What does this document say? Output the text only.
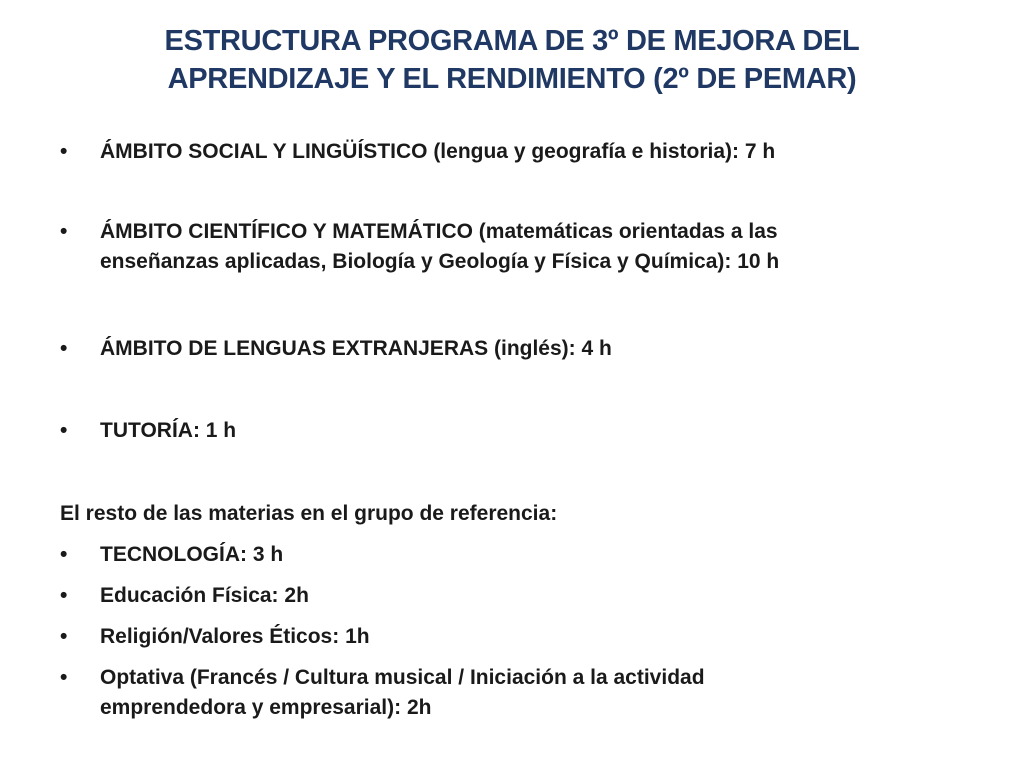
ESTRUCTURA PROGRAMA DE 3º DE MEJORA DEL
APRENDIZAJE Y EL RENDIMIENTO (2º DE PEMAR)
•	ÁMBITO SOCIAL Y LINGÜÍSTICO (lengua y geografía e historia): 7 h
•	ÁMBITO CIENTÍFICO Y MATEMÁTICO (matemáticas orientadas a las
enseñanzas aplicadas, Biología y Geología y Física y Química): 10 h
•	ÁMBITO DE LENGUAS EXTRANJERAS (inglés): 4 h
•	TUTORÍA: 1 h
El resto de las materias en el grupo de referencia:
•	TECNOLOGÍA: 3 h
•	Educación Física: 2h
•	Religión/Valores Éticos: 1h
•	Optativa (Francés / Cultura musical / Iniciación a la actividad
emprendedora y empresarial): 2h
